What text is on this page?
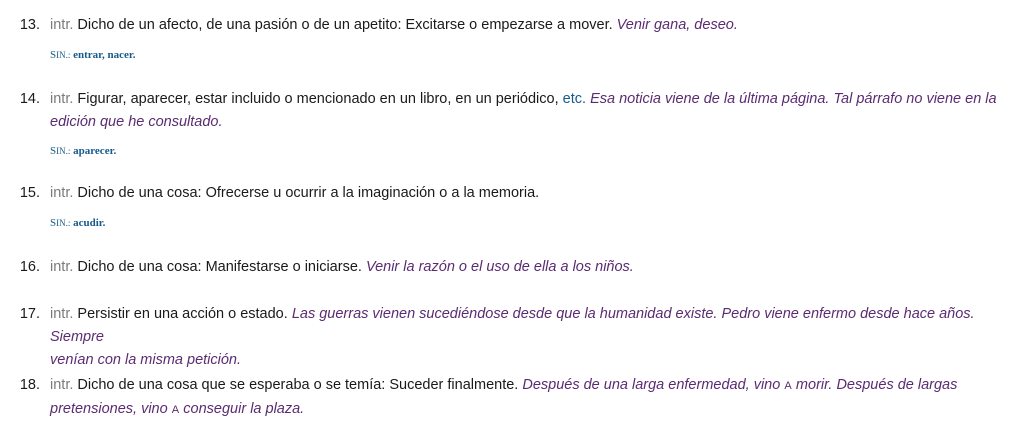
13. intr. Dicho de un afecto, de una pasión o de un apetito: Excitarse o empezarse a mover. Venir gana, deseo.
SIN.: entrar, nacer.
14. intr. Figurar, aparecer, estar incluido o mencionado en un libro, en un periódico, etc. Esa noticia viene de la última página. Tal párrafo no viene en la
edición que he consultado.
SIN.: aparecer.
15. intr. Dicho de una cosa: Ofrecerse u ocurrir a la imaginación o a la memoria.
SIN.: acudir.
16. intr. Dicho de una cosa: Manifestarse o iniciarse. Venir la razón o el uso de ella a los niños.
17. intr. Persistir en una acción o estado. Las guerras vienen sucediéndose desde que la humanidad existe. Pedro viene enfermo desde hace años. Siempre
venían con la misma petición.
18. intr. Dicho de una cosa que se esperaba o se temía: Suceder finalmente. Después de una larga enfermedad, vino A morir. Después de largas
pretensiones, vino A conseguir la plaza.
